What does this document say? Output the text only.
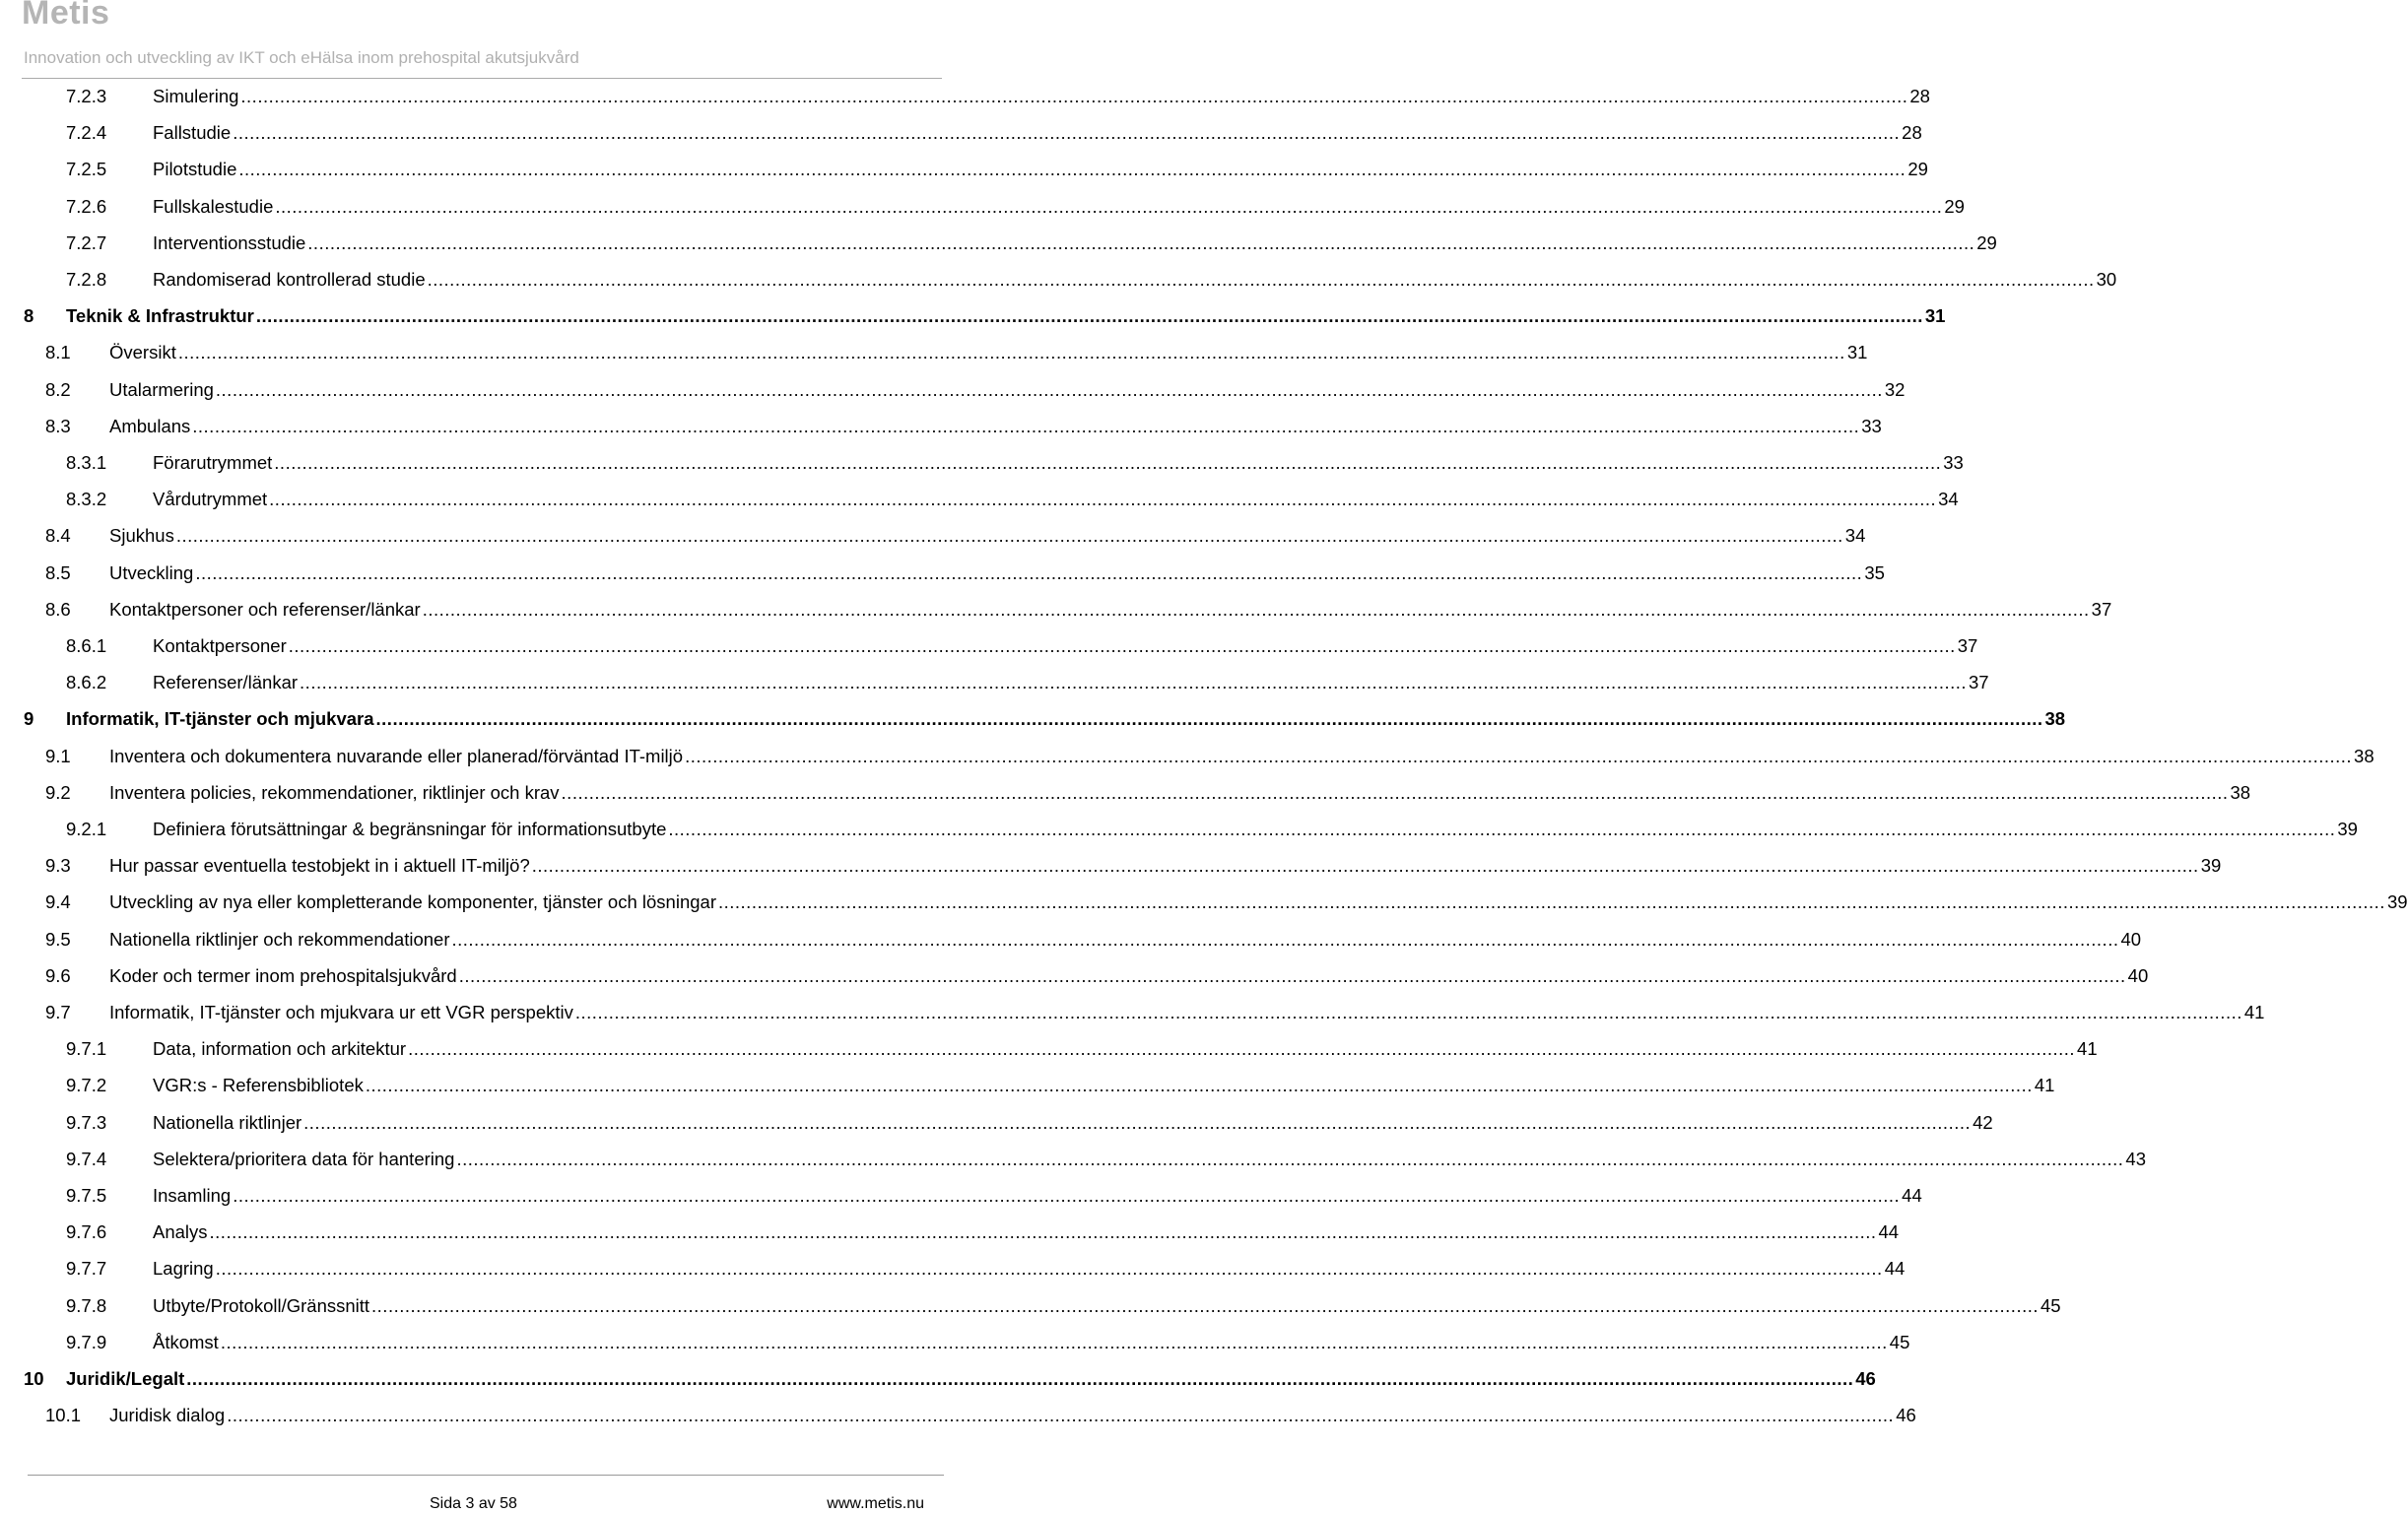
Metis
Innovation och utveckling av IKT och eHälsa inom prehospital akutsjukvård
7.2.3	Simulering ............................................................................................................................................................................................................................................................................................................ 28
7.2.4	Fallstudie ............................................................................................................................................................................................................................................................................................................ 28
7.2.5	Pilotstudie ............................................................................................................................................................................................................................................................................................................ 29
7.2.6	Fullskalestudie ............................................................................................................................................................................................................................................................................................................ 29
7.2.7	Interventionsstudie ............................................................................................................................................................................................................................................................................................................ 29
7.2.8	Randomiserad kontrollerad studie ............................................................................................................................................................................................................................................................................................................ 30
8 Teknik & Infrastruktur ............................................................................................................................................................................................................................................................................................................ 31
8.1 Översikt ............................................................................................................................................................................................................................................................................................................ 31
8.2 Utalarmering ............................................................................................................................................................................................................................................................................................................ 32
8.3 Ambulans ............................................................................................................................................................................................................................................................................................................ 33
8.3.1	Förarutrymmet ............................................................................................................................................................................................................................................................................................................ 33
8.3.2	Vårdutrymmet ............................................................................................................................................................................................................................................................................................................ 34
8.4 Sjukhus ............................................................................................................................................................................................................................................................................................................ 34
8.5 Utveckling ............................................................................................................................................................................................................................................................................................................ 35
8.6 Kontaktpersoner och referenser/länkar ............................................................................................................................................................................................................................................................................................................ 37
8.6.1	Kontaktpersoner ............................................................................................................................................................................................................................................................................................................ 37
8.6.2	Referenser/länkar ............................................................................................................................................................................................................................................................................................................ 37
9 Informatik, IT-tjänster och mjukvara ............................................................................................................................................................................................................................................................................................................ 38
9.1 Inventera och dokumentera nuvarande eller planerad/förväntad IT-miljö ............................................................................................................................................................................................................................................................................................................ 38
9.2 Inventera policies, rekommendationer, riktlinjer och krav ............................................................................................................................................................................................................................................................................................................ 38
9.2.1	Definiera förutsättningar & begränsningar för informationsutbyte ............................................................................................................................................................................................................................................................................................................ 39
9.3 Hur passar eventuella testobjekt in i aktuell IT-miljö? ............................................................................................................................................................................................................................................................................................................ 39
9.4 Utveckling av nya eller kompletterande komponenter, tjänster och lösningar ............................................................................................................................................................................................................................................................................................................ 39
9.5 Nationella riktlinjer och rekommendationer ............................................................................................................................................................................................................................................................................................................ 40
9.6 Koder och termer inom prehospitalsjukvård ............................................................................................................................................................................................................................................................................................................ 40
9.7 Informatik, IT-tjänster och mjukvara ur ett VGR perspektiv ............................................................................................................................................................................................................................................................................................................ 41
9.7.1	Data, information och arkitektur ............................................................................................................................................................................................................................................................................................................ 41
9.7.2	VGR:s - Referensbibliotek ............................................................................................................................................................................................................................................................................................................ 41
9.7.3	Nationella riktlinjer ............................................................................................................................................................................................................................................................................................................ 42
9.7.4	Selektera/prioritera data för hantering ............................................................................................................................................................................................................................................................................................................ 43
9.7.5	Insamling ............................................................................................................................................................................................................................................................................................................ 44
9.7.6	Analys ............................................................................................................................................................................................................................................................................................................ 44
9.7.7	Lagring ............................................................................................................................................................................................................................................................................................................ 44
9.7.8	Utbyte/Protokoll/Gränssnitt ............................................................................................................................................................................................................................................................................................................ 45
9.7.9	Åtkomst ............................................................................................................................................................................................................................................................................................................ 45
10 Juridik/Legalt ............................................................................................................................................................................................................................................................................................................ 46
10.1 Juridisk dialog ............................................................................................................................................................................................................................................................................................................ 46
Sida 3 av 58	www.metis.nu
